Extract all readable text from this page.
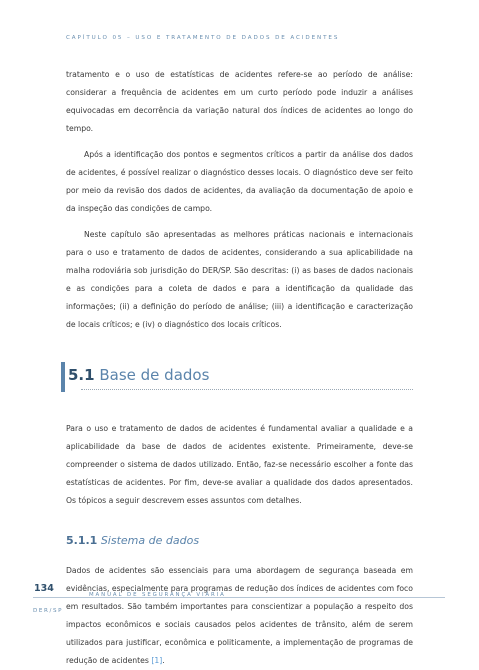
CAPÍTULO 05 – USO E TRATAMENTO DE DADOS DE ACIDENTES

tratamento e o uso de estatísticas de acidentes refere-se ao período de análise: considerar a frequência de acidentes em um curto período pode induzir a análises equivocadas em decorrência da variação natural dos índices de acidentes ao longo do tempo.

Após a identificação dos pontos e segmentos críticos a partir da análise dos dados de acidentes, é possível realizar o diagnóstico desses locais. O diagnóstico deve ser feito por meio da revisão dos dados de acidentes, da avaliação da documentação de apoio e da inspeção das condições de campo.

Neste capítulo são apresentadas as melhores práticas nacionais e internacionais para o uso e tratamento de dados de acidentes, considerando a sua aplicabilidade na malha rodoviária sob jurisdição do DER/SP. São descritas: (i) as bases de dados nacionais e as condições para a coleta de dados e para a identificação da qualidade das informações; (ii) a definição do período de análise; (iii) a identificação e caracterização de locais críticos; e (iv) o diagnóstico dos locais críticos.

5.1 Base de dados

Para o uso e tratamento de dados de acidentes é fundamental avaliar a qualidade e a aplicabilidade da base de dados de acidentes existente. Primeiramente, deve-se compreender o sistema de dados utilizado. Então, faz-se necessário escolher a fonte das estatísticas de acidentes. Por fim, deve-se avaliar a qualidade dos dados apresentados. Os tópicos a seguir descrevem esses assuntos com detalhes.

5.1.1 Sistema de dados

Dados de acidentes são essenciais para uma abordagem de segurança baseada em evidências, especialmente para programas de redução dos índices de acidentes com foco em resultados. São também importantes para conscientizar a população a respeito dos impactos econômicos e sociais causados pelos acidentes de trânsito, além de serem utilizados para justificar, econômica e politicamente, a implementação de programas de redução de acidentes [1].

134
MANUAL DE SEGURANÇA VIÁRIA
DER/SP
